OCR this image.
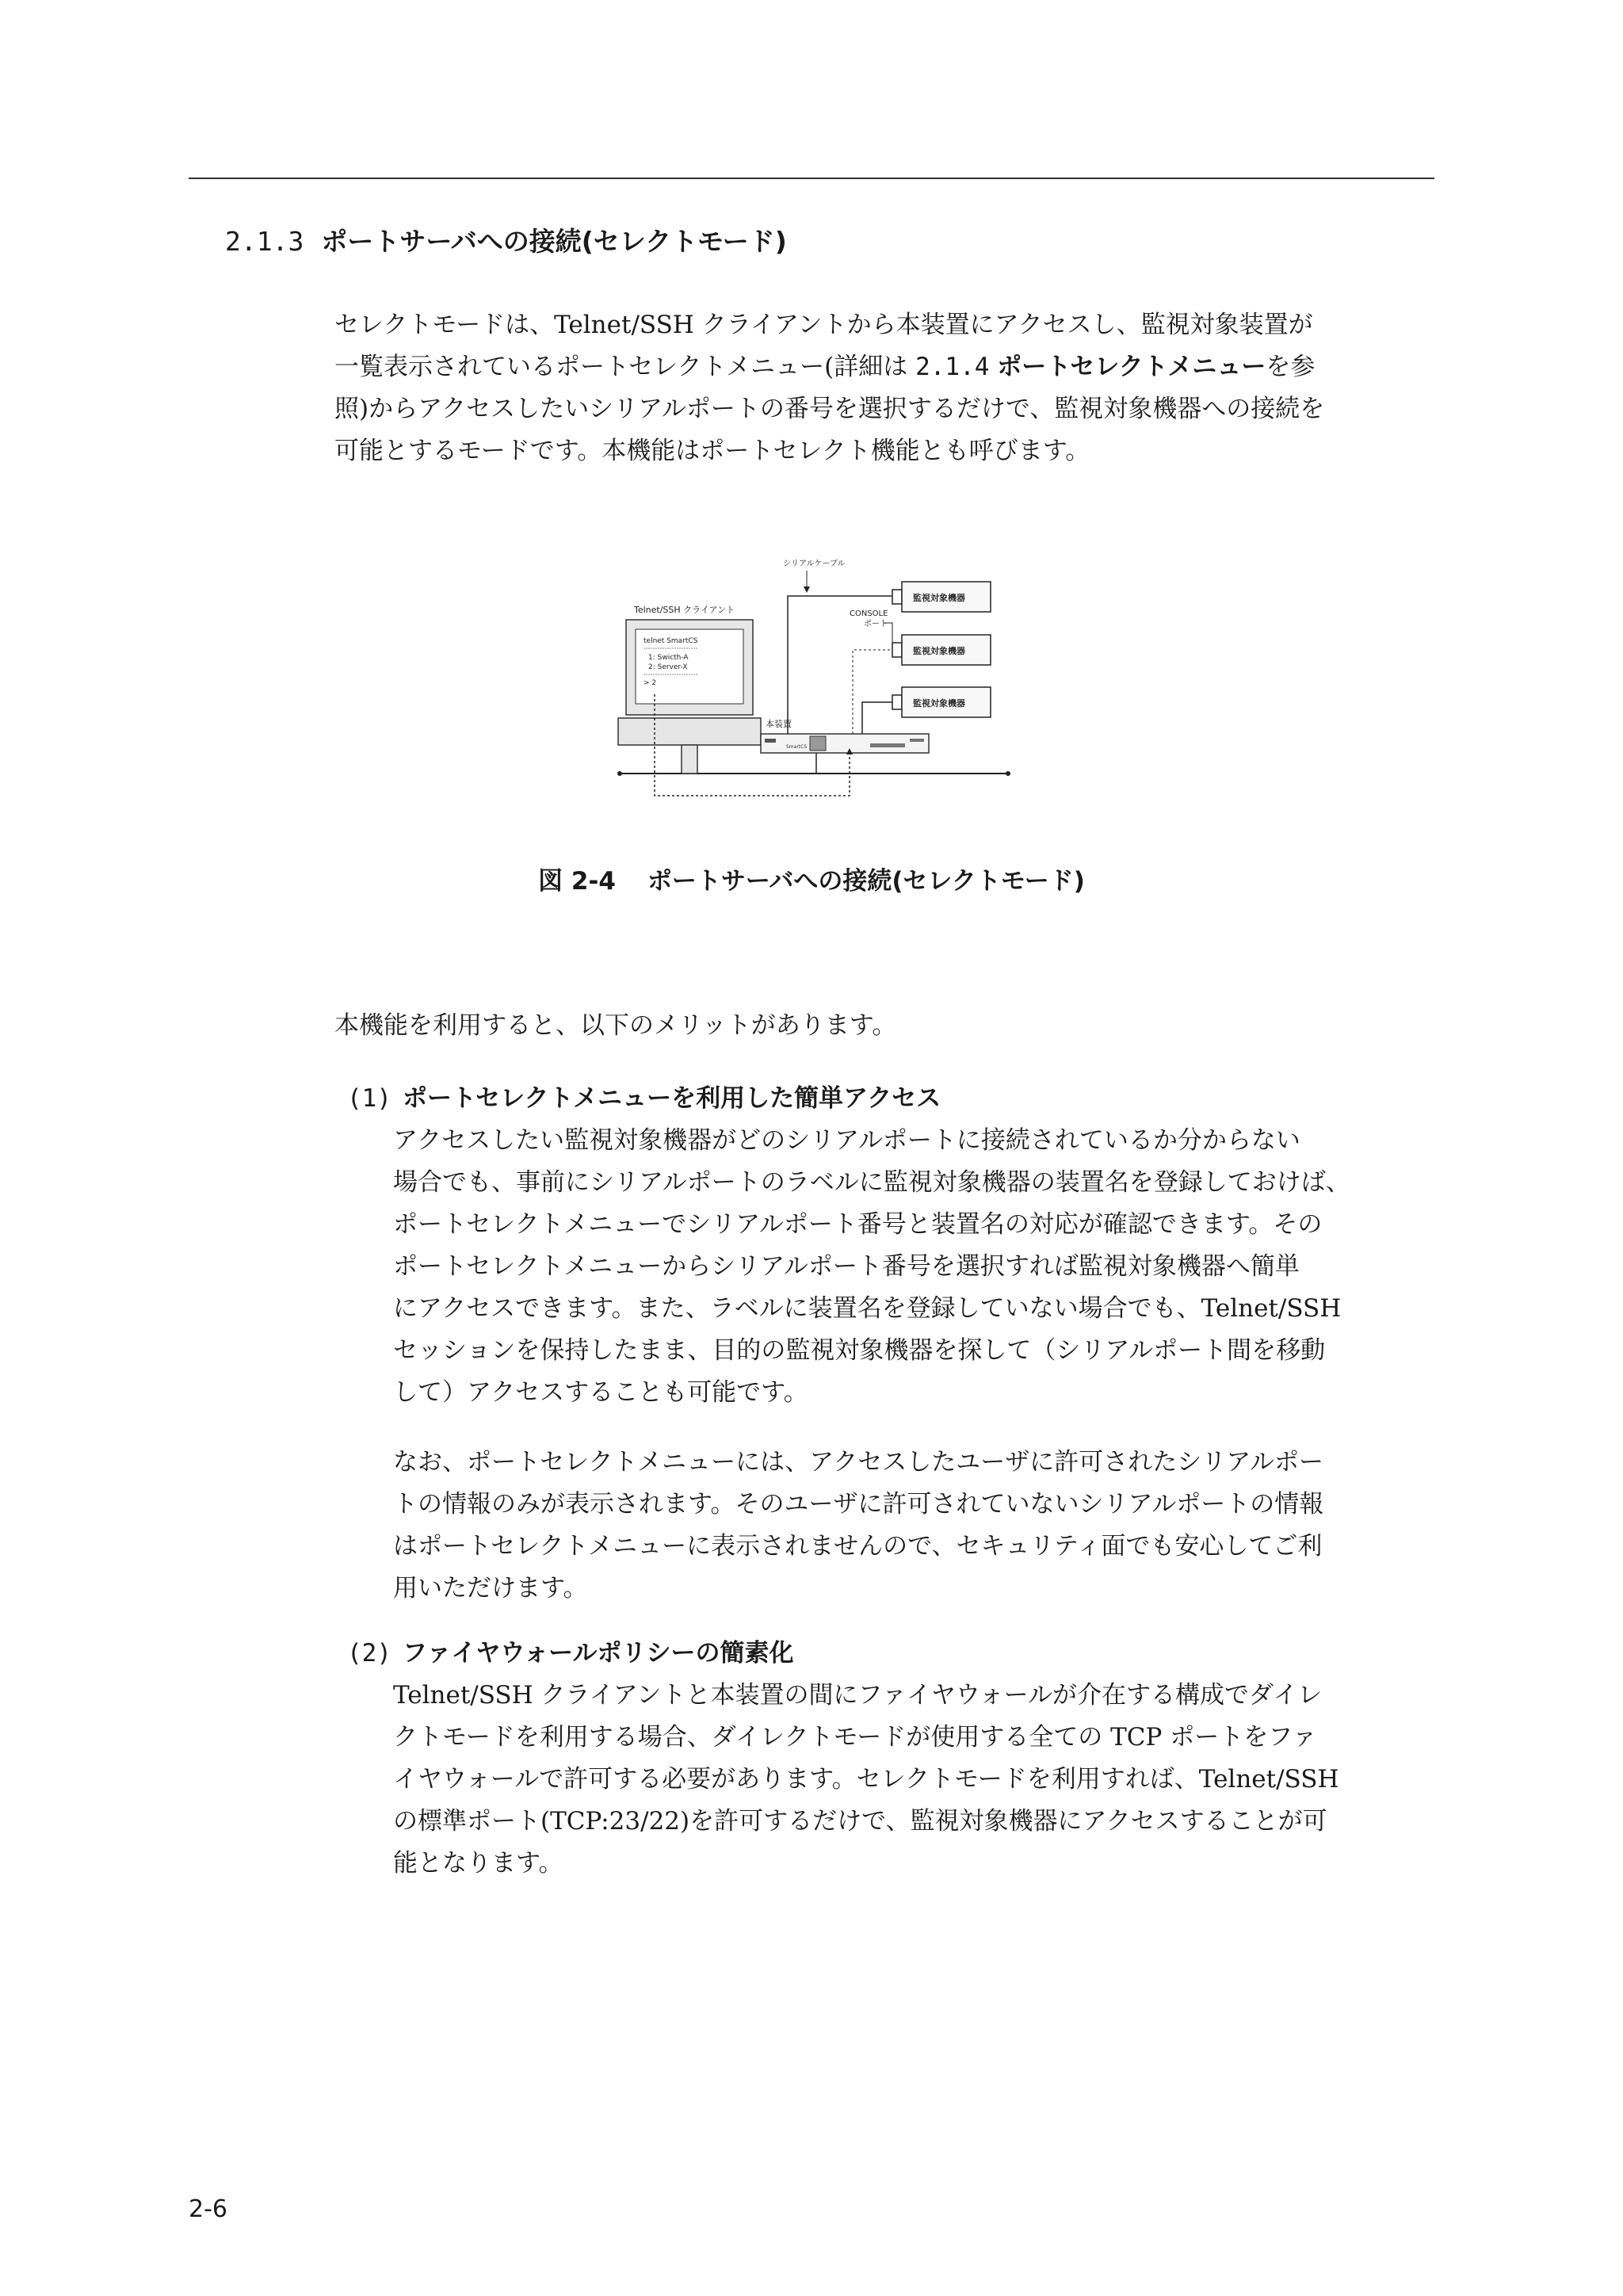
2.1.3 ポートサーバへの接続(セレクトモード)

セレクトモードは、Telnet/SSH クライアントから本装置にアクセスし、監視対象装置が

一覧表示されているポートセレクトメニュー(詳細は 2.1.4 ポートセレクトメニューを参

照)からアクセスしたいシリアルポートの番号を選択するだけで、監視対象機器への接続を

可能とするモードです。本機能はポートセレクト機能とも呼びます。

Telnet/SSH クライアント
telnet SmartCS
1: Swicth-A
2: Server-X
> 2
本装置
SmartCS
シリアルケーブル
CONSOLE
ポート
監視対象機器
監視対象機器
監視対象機器
図 2-4 ポートサーバへの接続(セレクトモード)

本機能を利用すると、以下のメリットがあります。

(1) ポートセレクトメニューを利用した簡単アクセス

アクセスしたい監視対象機器がどのシリアルポートに接続されているか分からない

場合でも、事前にシリアルポートのラベルに監視対象機器の装置名を登録しておけば、

ポートセレクトメニューでシリアルポート番号と装置名の対応が確認できます。その

ポートセレクトメニューからシリアルポート番号を選択すれば監視対象機器へ簡単

にアクセスできます。また、ラベルに装置名を登録していない場合でも、Telnet/SSH

セッションを保持したまま、目的の監視対象機器を探して（シリアルポート間を移動

して）アクセスすることも可能です。

なお、ポートセレクトメニューには、アクセスしたユーザに許可されたシリアルポー

トの情報のみが表示されます。そのユーザに許可されていないシリアルポートの情報

はポートセレクトメニューに表示されませんので、セキュリティ面でも安心してご利

用いただけます。

(2) ファイヤウォールポリシーの簡素化

Telnet/SSH クライアントと本装置の間にファイヤウォールが介在する構成でダイレ

クトモードを利用する場合、ダイレクトモードが使用する全ての TCP ポートをファ

イヤウォールで許可する必要があります。セレクトモードを利用すれば、Telnet/SSH

の標準ポート(TCP:23/22)を許可するだけで、監視対象機器にアクセスすることが可

能となります。

2-6
